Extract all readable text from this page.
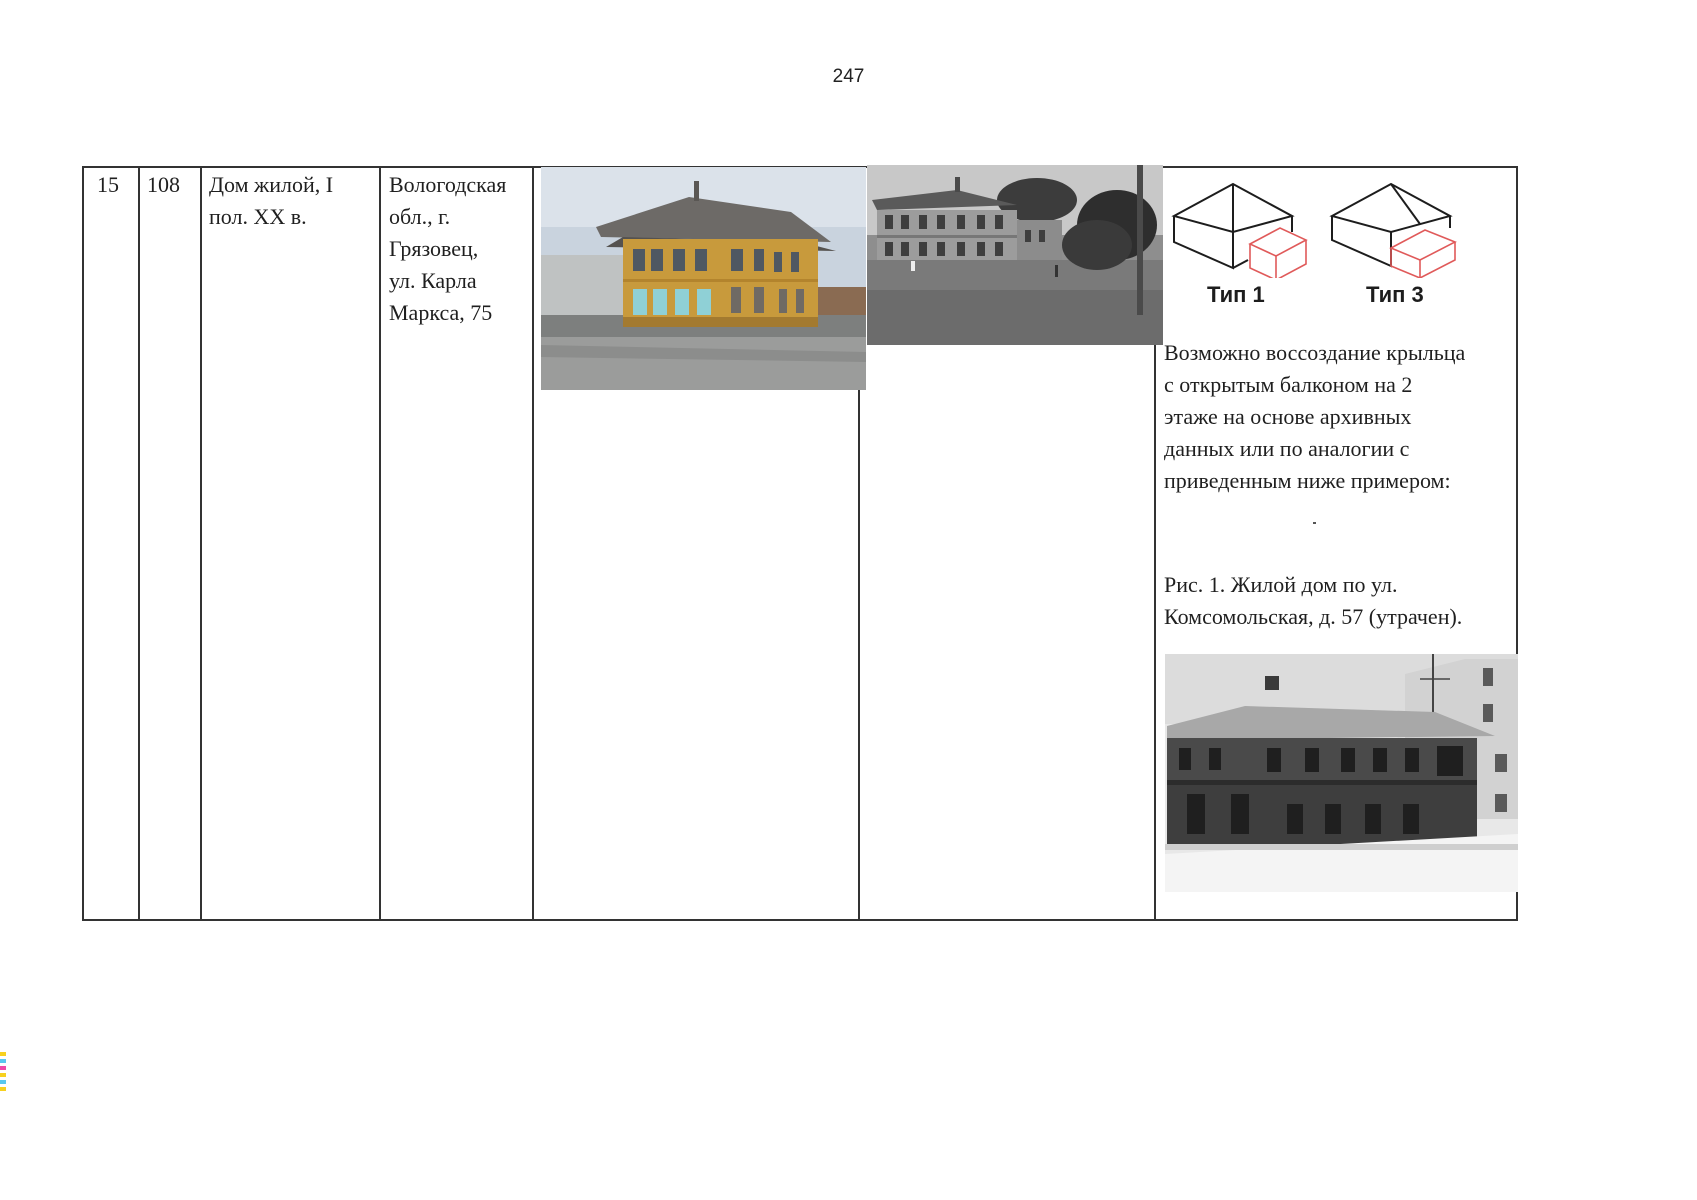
247
15 108 Дом жилой, I
пол. XX в.
Вологодская
обл., г.
Грязовец,
ул. Карла
Маркса, 75
Тип 1	Тип 3
Возможно воссоздание крыльца
с открытым балконом на 2
этаже на основе архивных
данных или по аналогии с
приведенным ниже примером:
Рис. 1. Жилой дом по ул.
Комсомольская, д. 57 (утрачен).
